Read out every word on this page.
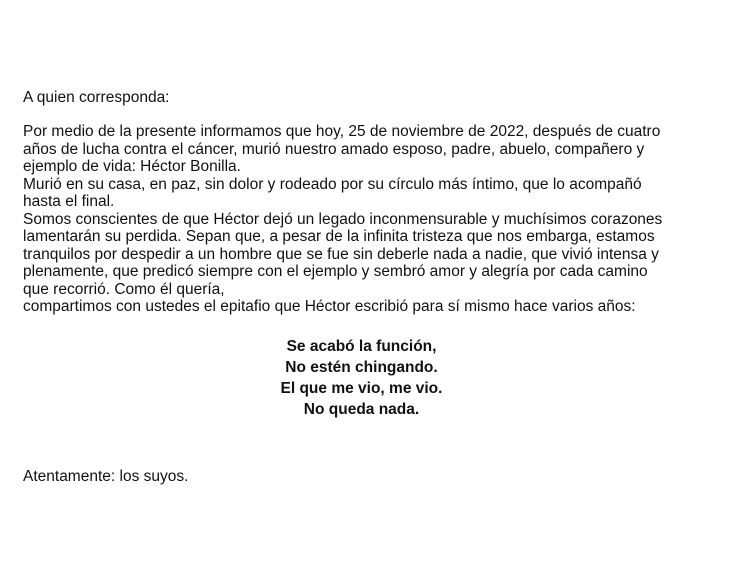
A quien corresponda:
Por medio de la presente informamos que hoy, 25 de noviembre de 2022, después de cuatro
años de lucha contra el cáncer, murió nuestro amado esposo, padre, abuelo, compañero y
ejemplo de vida: Héctor Bonilla.
Murió en su casa, en paz, sin dolor y rodeado por su círculo más íntimo, que lo acompañó
hasta el final.
Somos conscientes de que Héctor dejó un legado inconmensurable y muchísimos corazones
lamentarán su perdida. Sepan que, a pesar de la infinita tristeza que nos embarga, estamos
tranquilos por despedir a un hombre que se fue sin deberle nada a nadie, que vivió intensa y
plenamente, que predicó siempre con el ejemplo y sembró amor y alegría por cada camino
que recorrió. Como él quería,
compartimos con ustedes el epitafio que Héctor escribió para sí mismo hace varios años:
Se acabó la función,
No estén chingando.
El que me vio, me vio.
No queda nada.
Atentamente: los suyos.
